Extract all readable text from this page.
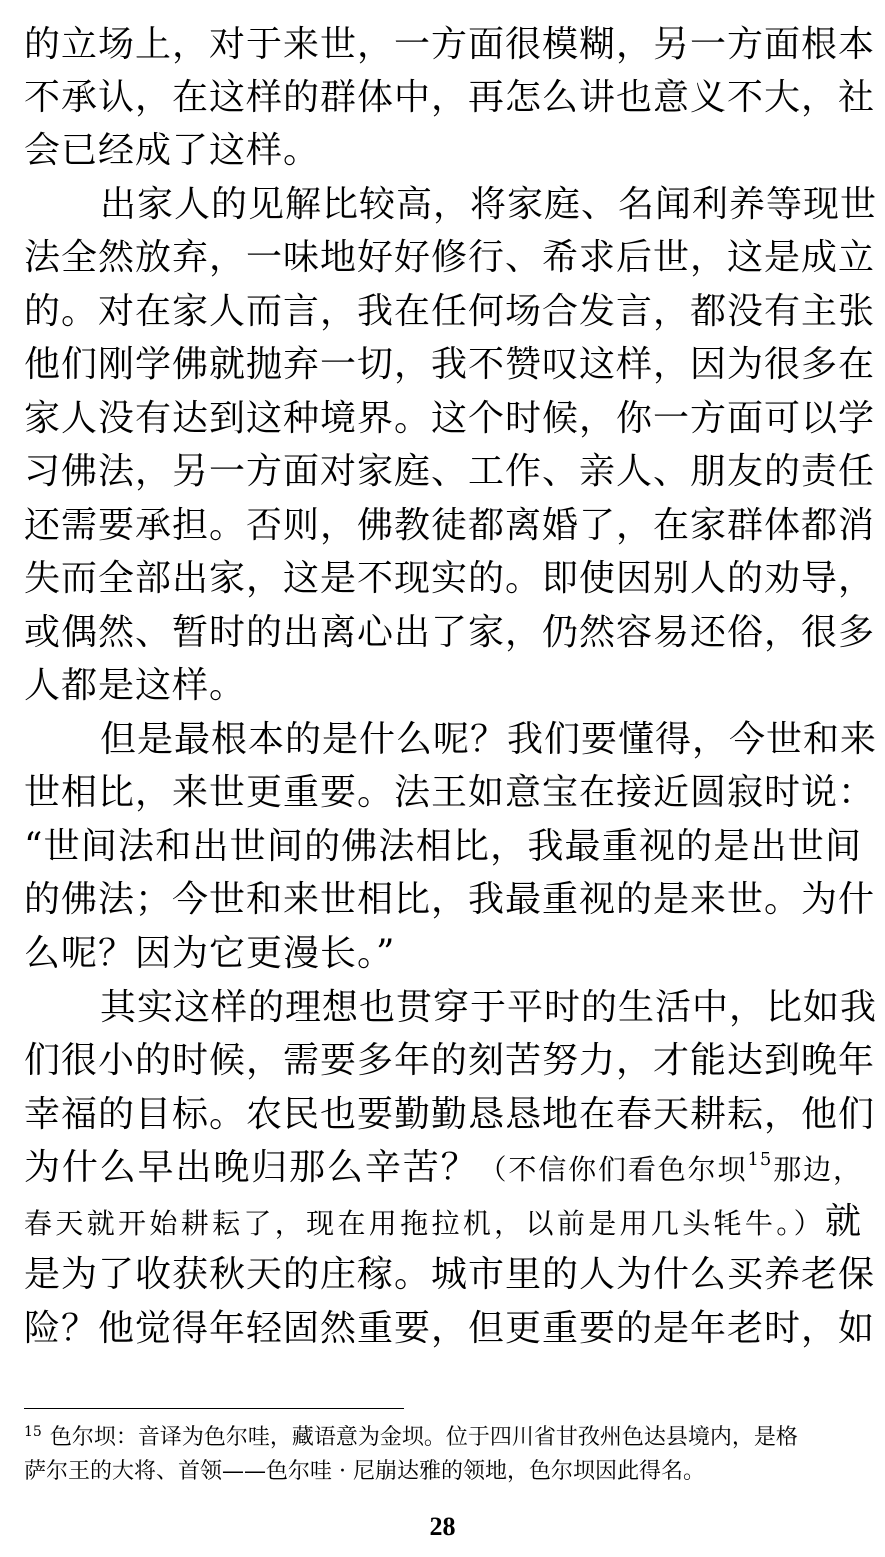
的立场上，对于来世，一方面很模糊，另一方面根本
不承认，在这样的群体中，再怎么讲也意义不大，社
会已经成了这样。
出家人的见解比较高，将家庭、名闻利养等现世
法全然放弃，一味地好好修行、希求后世，这是成立
的。对在家人而言，我在任何场合发言，都没有主张
他们刚学佛就抛弃一切，我不赞叹这样，因为很多在
家人没有达到这种境界。这个时候，你一方面可以学
习佛法，另一方面对家庭、工作、亲人、朋友的责任
还需要承担。否则，佛教徒都离婚了，在家群体都消
失而全部出家，这是不现实的。即使因别人的劝导，
或偶然、暂时的出离心出了家，仍然容易还俗，很多
人都是这样。
但是最根本的是什么呢？我们要懂得，今世和来
世相比，来世更重要。法王如意宝在接近圆寂时说：
“世间法和出世间的佛法相比，我最重视的是出世间
的佛法；今世和来世相比，我最重视的是来世。为什
么呢？因为它更漫长。”
其实这样的理想也贯穿于平时的生活中，比如我
们很小的时候，需要多年的刻苦努力，才能达到晚年
幸福的目标。农民也要勤勤恳恳地在春天耕耘，他们
为什么早出晚归那么辛苦？（不信你们看色尔坝$^{15}$那边，
春天就开始耕耘了，现在用拖拉机，以前是用几头牦牛。）就
是为了收获秋天的庄稼。城市里的人为什么买养老保
险？他觉得年轻固然重要，但更重要的是年老时，如
$^{15}$ 色尔坝：音译为色尔哇，藏语意为金坝。位于四川省甘孜州色达县境内，是格
萨尔王的大将、首领——色尔哇 · 尼崩达雅的领地，色尔坝因此得名。
28
